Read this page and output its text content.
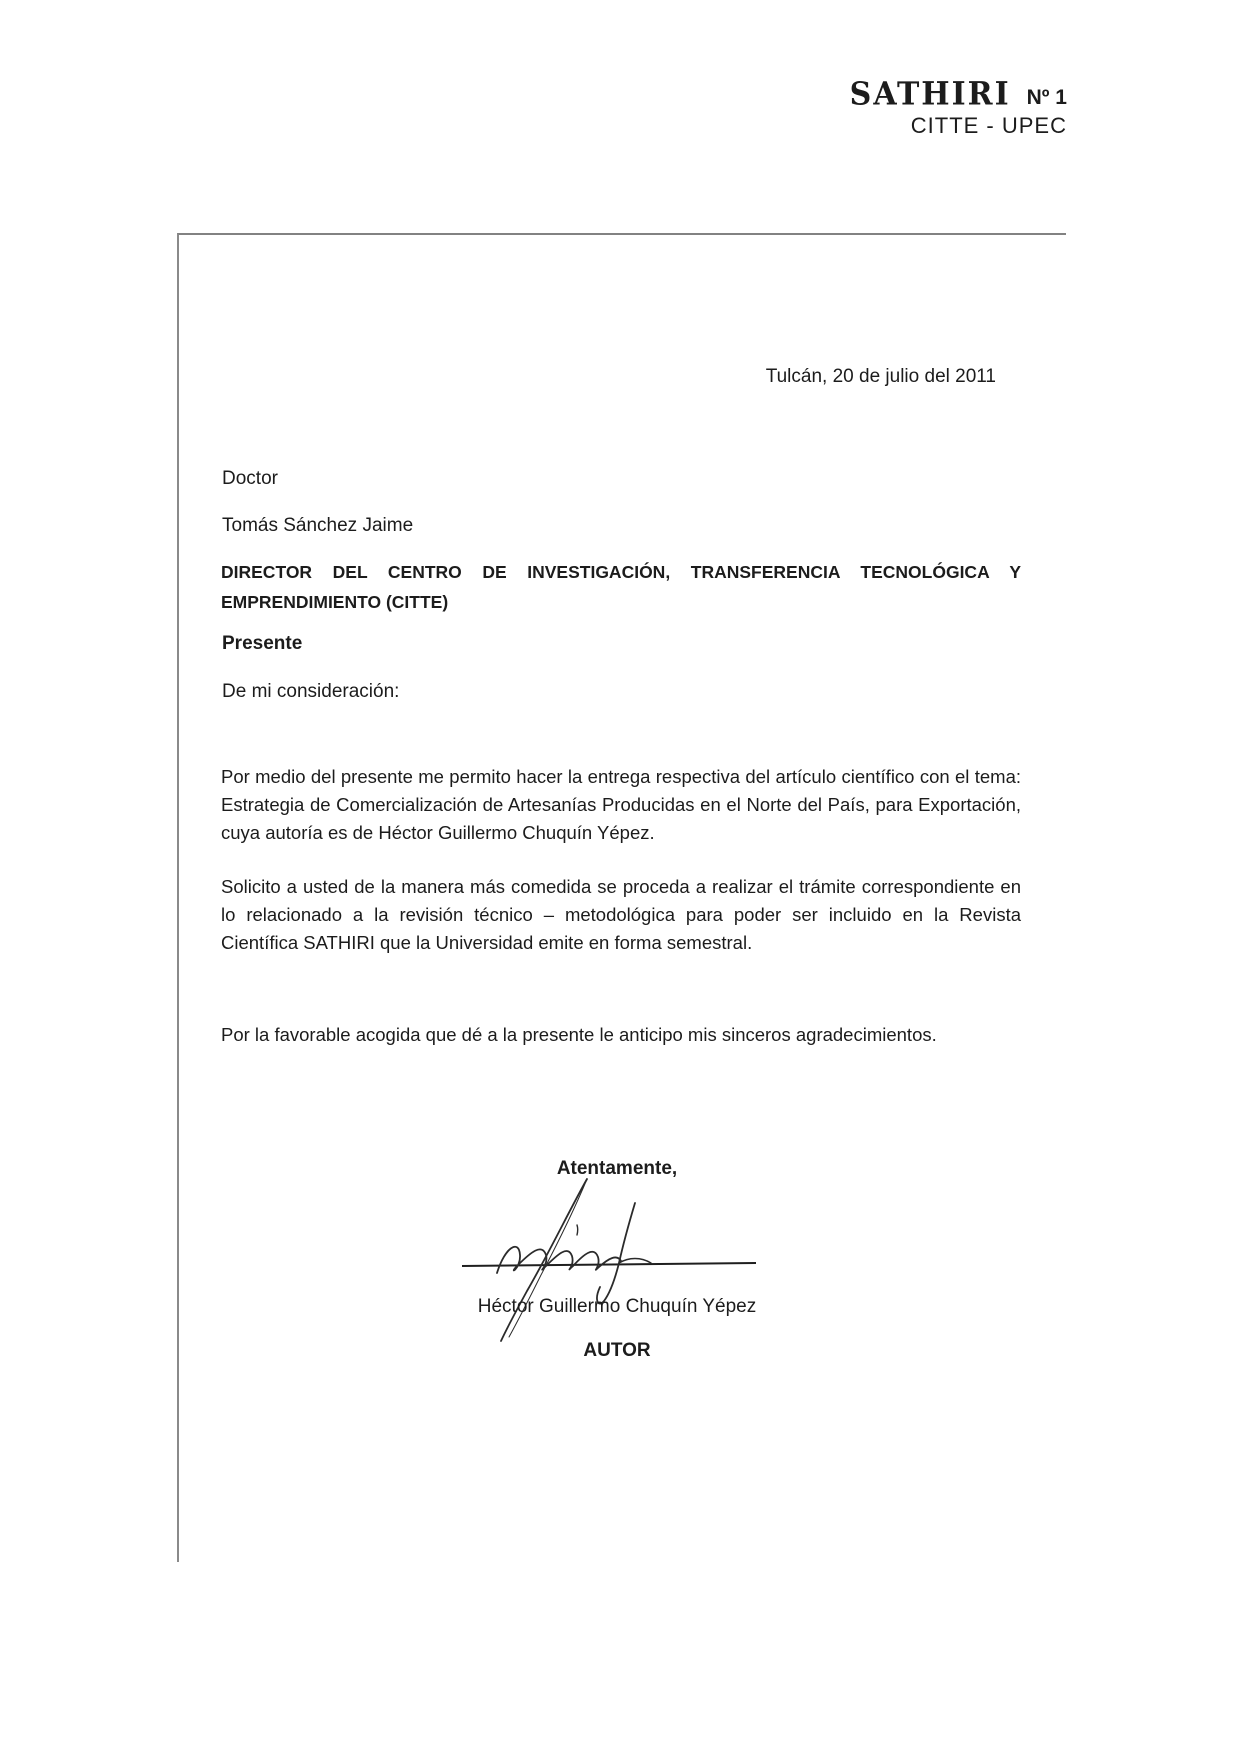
SATHIRI Nº 1
CITTE - UPEC
Tulcán, 20 de julio del 2011
Doctor
Tomás Sánchez Jaime
DIRECTOR DEL CENTRO DE INVESTIGACIÓN, TRANSFERENCIA TECNOLÓGICA Y
EMPRENDIMIENTO (CITTE)
Presente
De mi consideración:
Por medio del presente me permito hacer la entrega respectiva del artículo científico con el tema: Estrategia de Comercialización de Artesanías Producidas en el Norte del País, para Exportación, cuya autoría es de Héctor Guillermo Chuquín Yépez.
Solicito a usted de la manera más comedida se proceda a realizar el trámite correspondiente en lo relacionado a la revisión técnico – metodológica para poder ser incluido en la Revista Científica SATHIRI que la Universidad emite en forma semestral.
Por la favorable acogida que dé a la presente le anticipo mis sinceros agradecimientos.
Atentamente,
Héctor Guillermo Chuquín Yépez
AUTOR
